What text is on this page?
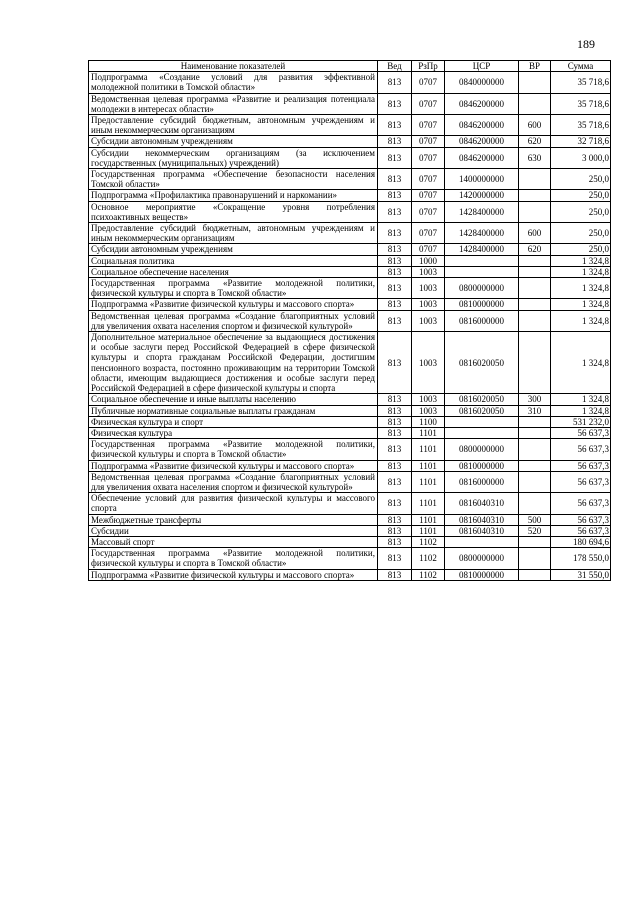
189
Наименование показателей	Вед	РзПр	ЦСР	ВР	Сумма
Подпрограмма «Создание условий для развития эффективной молодежной политики в Томской области»	813	0707	0840000000		35 718,6
Ведомственная целевая программа «Развитие и реализация потенциала молодежи в интересах области»	813	0707	0846200000		35 718,6
Предоставление субсидий бюджетным, автономным учреждениям и иным некоммерческим организациям	813	0707	0846200000	600	35 718,6
Субсидии автономным учреждениям	813	0707	0846200000	620	32 718,6
Субсидии некоммерческим организациям (за исключением государственных (муниципальных) учреждений)	813	0707	0846200000	630	3 000,0
Государственная программа «Обеспечение безопасности населения Томской области»	813	0707	1400000000		250,0
Подпрограмма «Профилактика правонарушений и наркомании»	813	0707	1420000000		250,0
Основное мероприятие «Сокращение уровня потребления психоактивных веществ»	813	0707	1428400000		250,0
Предоставление субсидий бюджетным, автономным учреждениям и иным некоммерческим организациям	813	0707	1428400000	600	250,0
Субсидии автономным учреждениям	813	0707	1428400000	620	250,0
Социальная политика	813	1000			1 324,8
Социальное обеспечение населения	813	1003			1 324,8
Государственная программа «Развитие молодежной политики, физической культуры и спорта в Томской области»	813	1003	0800000000		1 324,8
Подпрограмма «Развитие физической культуры и массового спорта»	813	1003	0810000000		1 324,8
Ведомственная целевая программа «Создание благоприятных условий для увеличения охвата населения спортом и физической культурой»	813	1003	0816000000		1 324,8
Дополнительное материальное обеспечение за выдающиеся достижения и особые заслуги перед Российской Федерацией в сфере физической культуры и спорта гражданам Российской Федерации, достигшим пенсионного возраста, постоянно проживающим на территории Томской области, имеющим выдающиеся достижения и особые заслуги перед Российской Федерацией в сфере физической культуры и спорта	813	1003	0816020050		1 324,8
Социальное обеспечение и иные выплаты населению	813	1003	0816020050	300	1 324,8
Публичные нормативные социальные выплаты гражданам	813	1003	0816020050	310	1 324,8
Физическая культура и спорт	813	1100			531 232,0
Физическая культура	813	1101			56 637,3
Государственная программа «Развитие молодежной политики, физической культуры и спорта в Томской области»	813	1101	0800000000		56 637,3
Подпрограмма «Развитие физической культуры и массового спорта»	813	1101	0810000000		56 637,3
Ведомственная целевая программа «Создание благоприятных условий для увеличения охвата населения спортом и физической культурой»	813	1101	0816000000		56 637,3
Обеспечение условий для развития физической культуры и массового спорта	813	1101	0816040310		56 637,3
Межбюджетные трансферты	813	1101	0816040310	500	56 637,3
Субсидии	813	1101	0816040310	520	56 637,3
Массовый спорт	813	1102			180 694,6
Государственная программа «Развитие молодежной политики, физической культуры и спорта в Томской области»	813	1102	0800000000		178 550,0
Подпрограмма «Развитие физической культуры и массового спорта»	813	1102	0810000000		31 550,0
